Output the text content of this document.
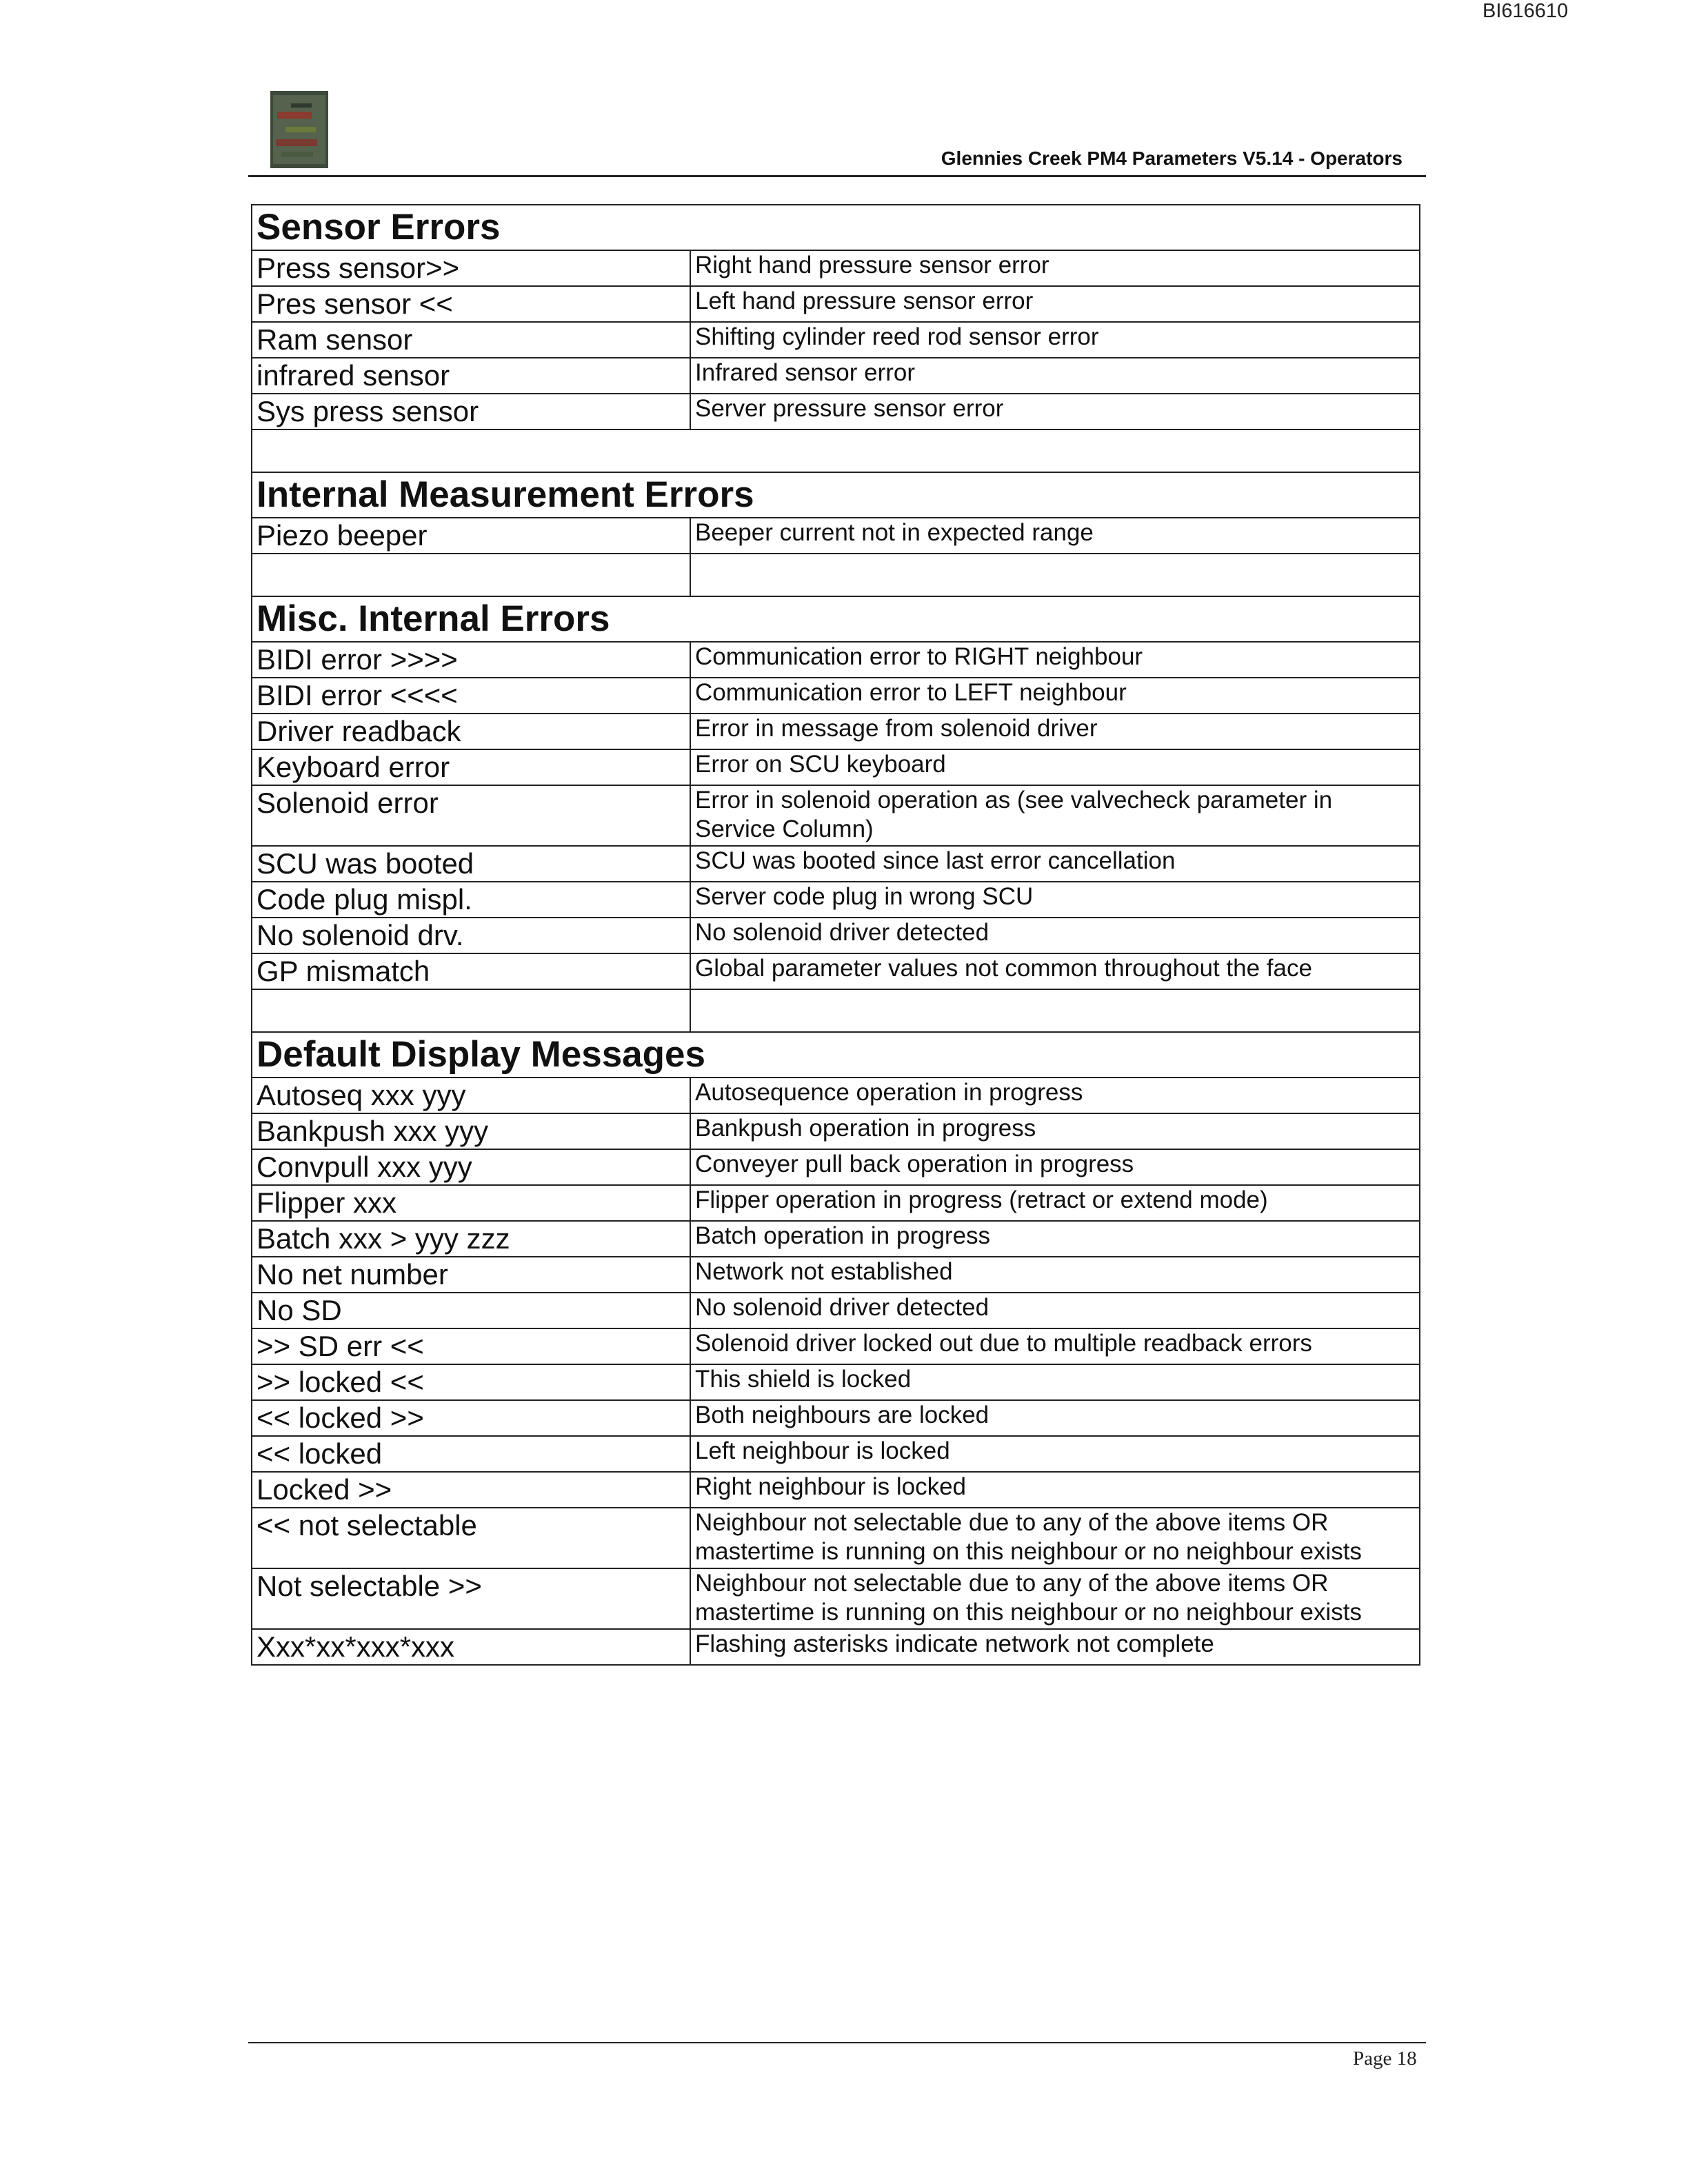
BI616610
Glennies Creek PM4 Parameters V5.14 - Operators
Sensor Errors	
Press sensor>>	Right hand pressure sensor error
Pres sensor <<	Left hand pressure sensor error
Ram sensor	Shifting cylinder reed rod sensor error
infrared sensor	Infrared sensor error
Sys press sensor	Server pressure sensor error

Internal Measurement Errors	
Piezo beeper	Beeper current not in expected range

Misc. Internal Errors	
BIDI error >>>>	Communication error to RIGHT neighbour
BIDI error <<<<	Communication error to LEFT neighbour
Driver readback	Error in message from solenoid driver
Keyboard error	Error on SCU keyboard
Solenoid error	Error in solenoid operation as (see valvecheck parameter in Service Column)
SCU was booted	SCU was booted since last error cancellation
Code plug mispl.	Server code plug in wrong SCU
No solenoid drv.	No solenoid driver detected
GP mismatch	Global parameter values not common throughout the face

Default Display Messages	
Autoseq xxx yyy	Autosequence operation in progress
Bankpush xxx yyy	Bankpush operation in progress
Convpull xxx yyy	Conveyer pull back operation in progress
Flipper xxx	Flipper operation in progress (retract or extend mode)
Batch xxx > yyy zzz	Batch operation in progress
No net number	Network not established
No SD	No solenoid driver detected
>> SD err <<	Solenoid driver locked out due to multiple readback errors
>> locked <<	This shield is locked
<< locked >>	Both neighbours are locked
<< locked	Left neighbour is locked
Locked >>	Right neighbour is locked
<< not selectable	Neighbour not selectable due to any of the above items OR mastertime is running on this neighbour or no neighbour exists
Not selectable >>	Neighbour not selectable due to any of the above items OR mastertime is running on this neighbour or no neighbour exists
Xxx*xx*xxx*xxx	Flashing asterisks indicate network not complete
Page 18
